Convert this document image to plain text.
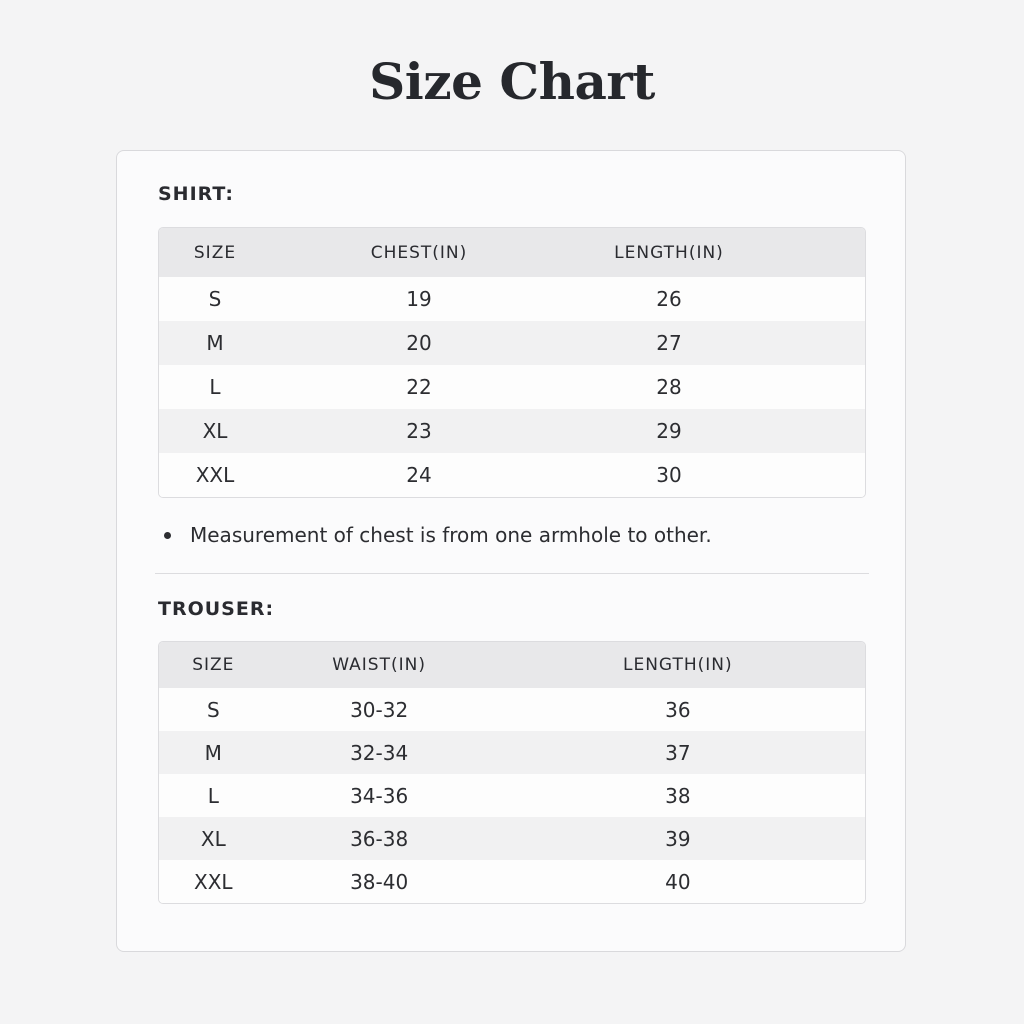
Size Chart
SHIRT:
SIZE	CHEST(IN)	LENGTH(IN)
S	19	26
M	20	27
L	22	28
XL	23	29
XXL	24	30
Measurement of chest is from one armhole to other.
TROUSER:
SIZE	WAIST(IN)	LENGTH(IN)
S	30-32	36
M	32-34	37
L	34-36	38
XL	36-38	39
XXL	38-40	40
